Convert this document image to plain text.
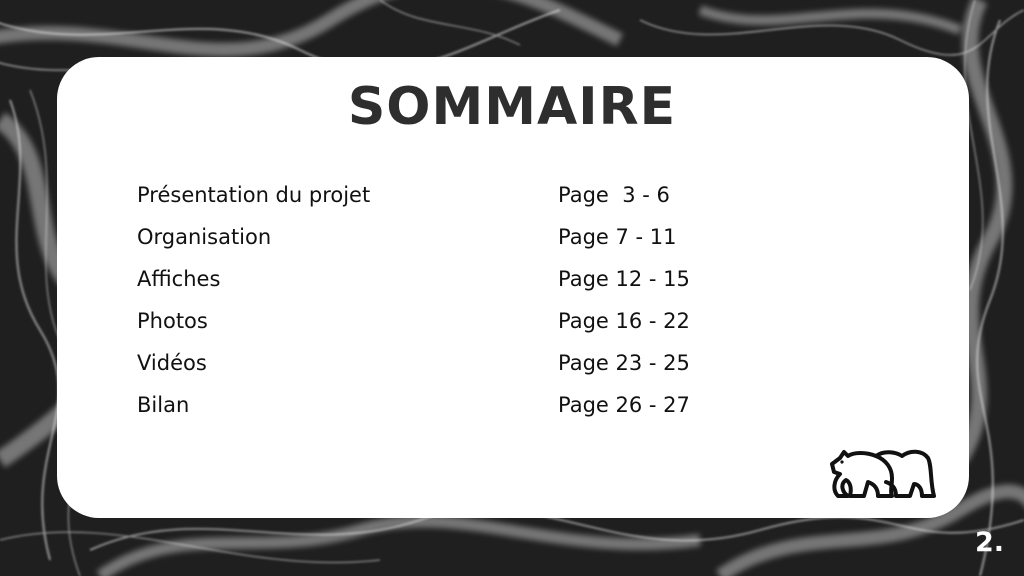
SOMMAIRE
Présentation du projet	Page  3 - 6
Organisation	Page 7 - 11
Affiches	Page 12 - 15
Photos	Page 16 - 22
Vidéos	Page 23 - 25
Bilan	Page 26 - 27
2.
